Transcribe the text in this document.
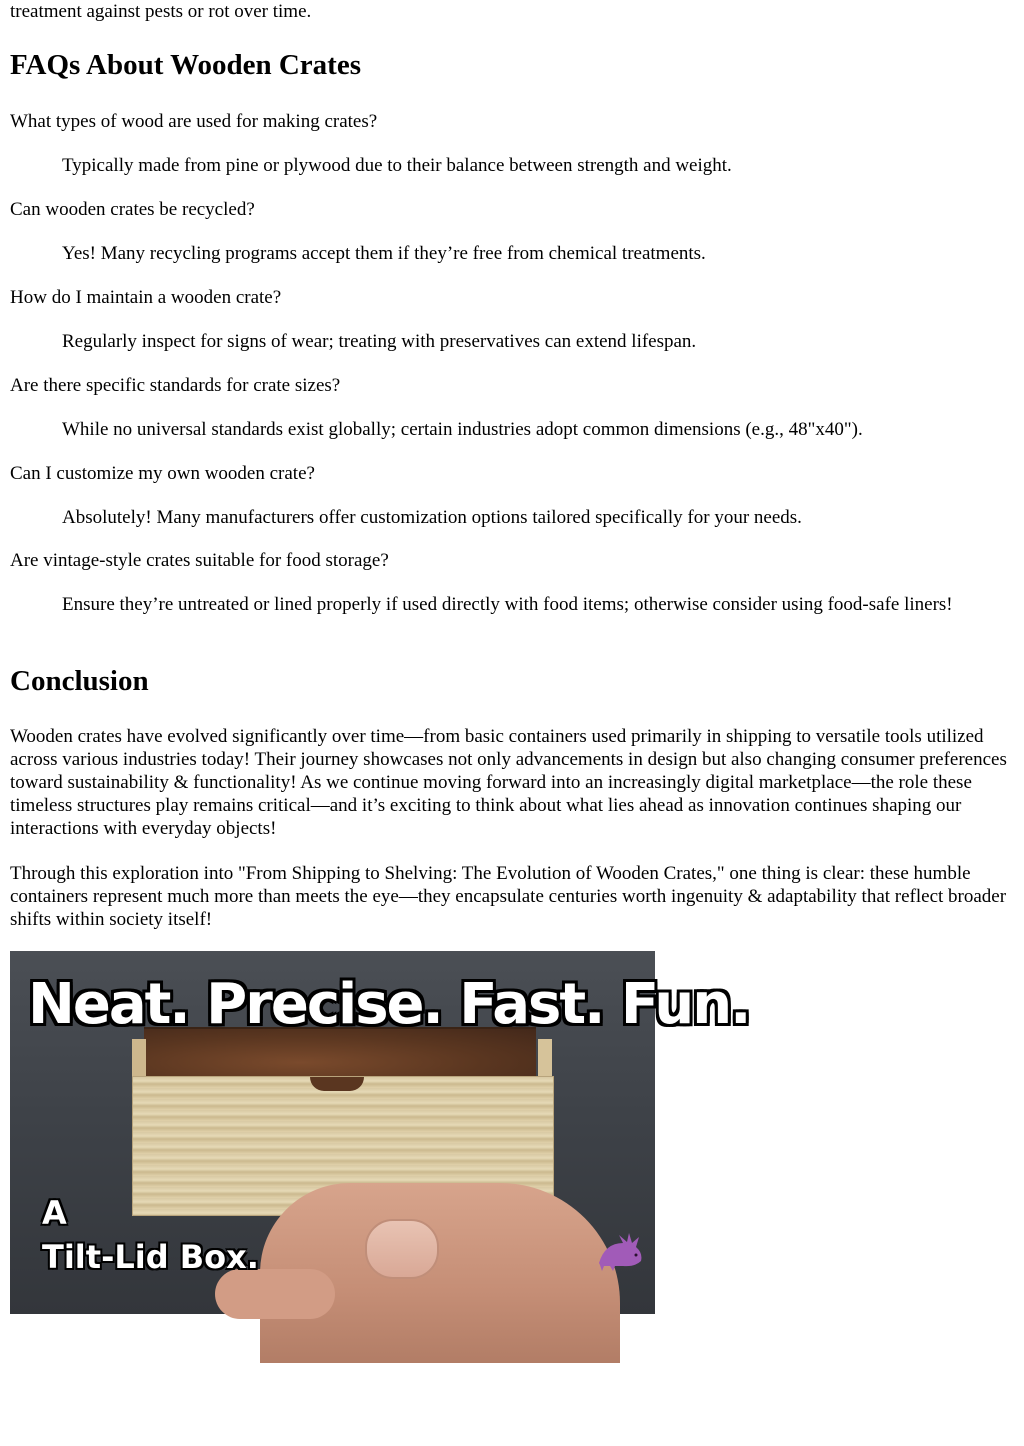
treatment against pests or rot over time.

FAQs About Wooden Crates

What types of wood are used for making crates?

Typically made from pine or plywood due to their balance between strength and weight.

Can wooden crates be recycled?

Yes! Many recycling programs accept them if they’re free from chemical treatments.

How do I maintain a wooden crate?

Regularly inspect for signs of wear; treating with preservatives can extend lifespan.

Are there specific standards for crate sizes?

While no universal standards exist globally; certain industries adopt common dimensions (e.g., 48"x40").

Can I customize my own wooden crate?

Absolutely! Many manufacturers offer customization options tailored specifically for your needs.

Are vintage-style crates suitable for food storage?

Ensure they’re untreated or lined properly if used directly with food items; otherwise consider using food-safe liners!

Conclusion

Wooden crates have evolved significantly over time—from basic containers used primarily in shipping to versatile tools utilized across various industries today! Their journey showcases not only advancements in design but also changing consumer preferences toward sustainability & functionality! As we continue moving forward into an increasingly digital marketplace—the role these timeless structures play remains critical—and it’s exciting to think about what lies ahead as innovation continues shaping our interactions with everyday objects!

Through this exploration into "From Shipping to Shelving: The Evolution of Wooden Crates," one thing is clear: these humble containers represent much more than meets the eye—they encapsulate centuries worth ingenuity & adaptability that reflect broader shifts within society itself!

Neat. Precise. Fast. Fun.

A
Tilt-Lid Box.
